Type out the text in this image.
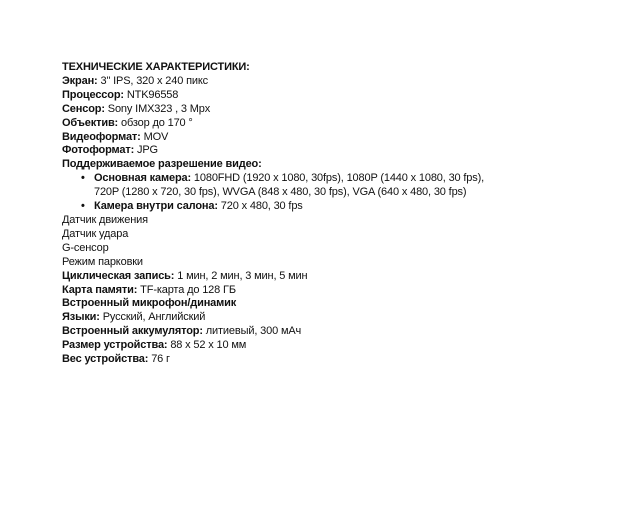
ТЕХНИЧЕСКИЕ ХАРАКТЕРИСТИКИ:
Экран: 3" IPS, 320 x 240 пикс
Процессор: NTK96558
Сенсор: Sony IMX323 , 3 Mpx
Объектив: обзор до 170 °
Видеоформат: MOV
Фотоформат: JPG
Поддерживаемое разрешение видео:
• Основная камера: 1080FHD (1920 x 1080, 30fps), 1080P (1440 x 1080, 30 fps),
720P (1280 x 720, 30 fps), WVGA (848 x 480, 30 fps), VGA (640 x 480, 30 fps)
• Камера внутри салона: 720 x 480, 30 fps
Датчик движения
Датчик удара
G-сенсор
Режим парковки
Циклическая запись: 1 мин, 2 мин, 3 мин, 5 мин
Карта памяти: TF-карта до 128 ГБ
Встроенный микрофон/динамик
Языки: Русский, Английский
Встроенный аккумулятор: литиевый, 300 мАч
Размер устройства: 88 x 52 x 10 мм
Вес устройства: 76 г
